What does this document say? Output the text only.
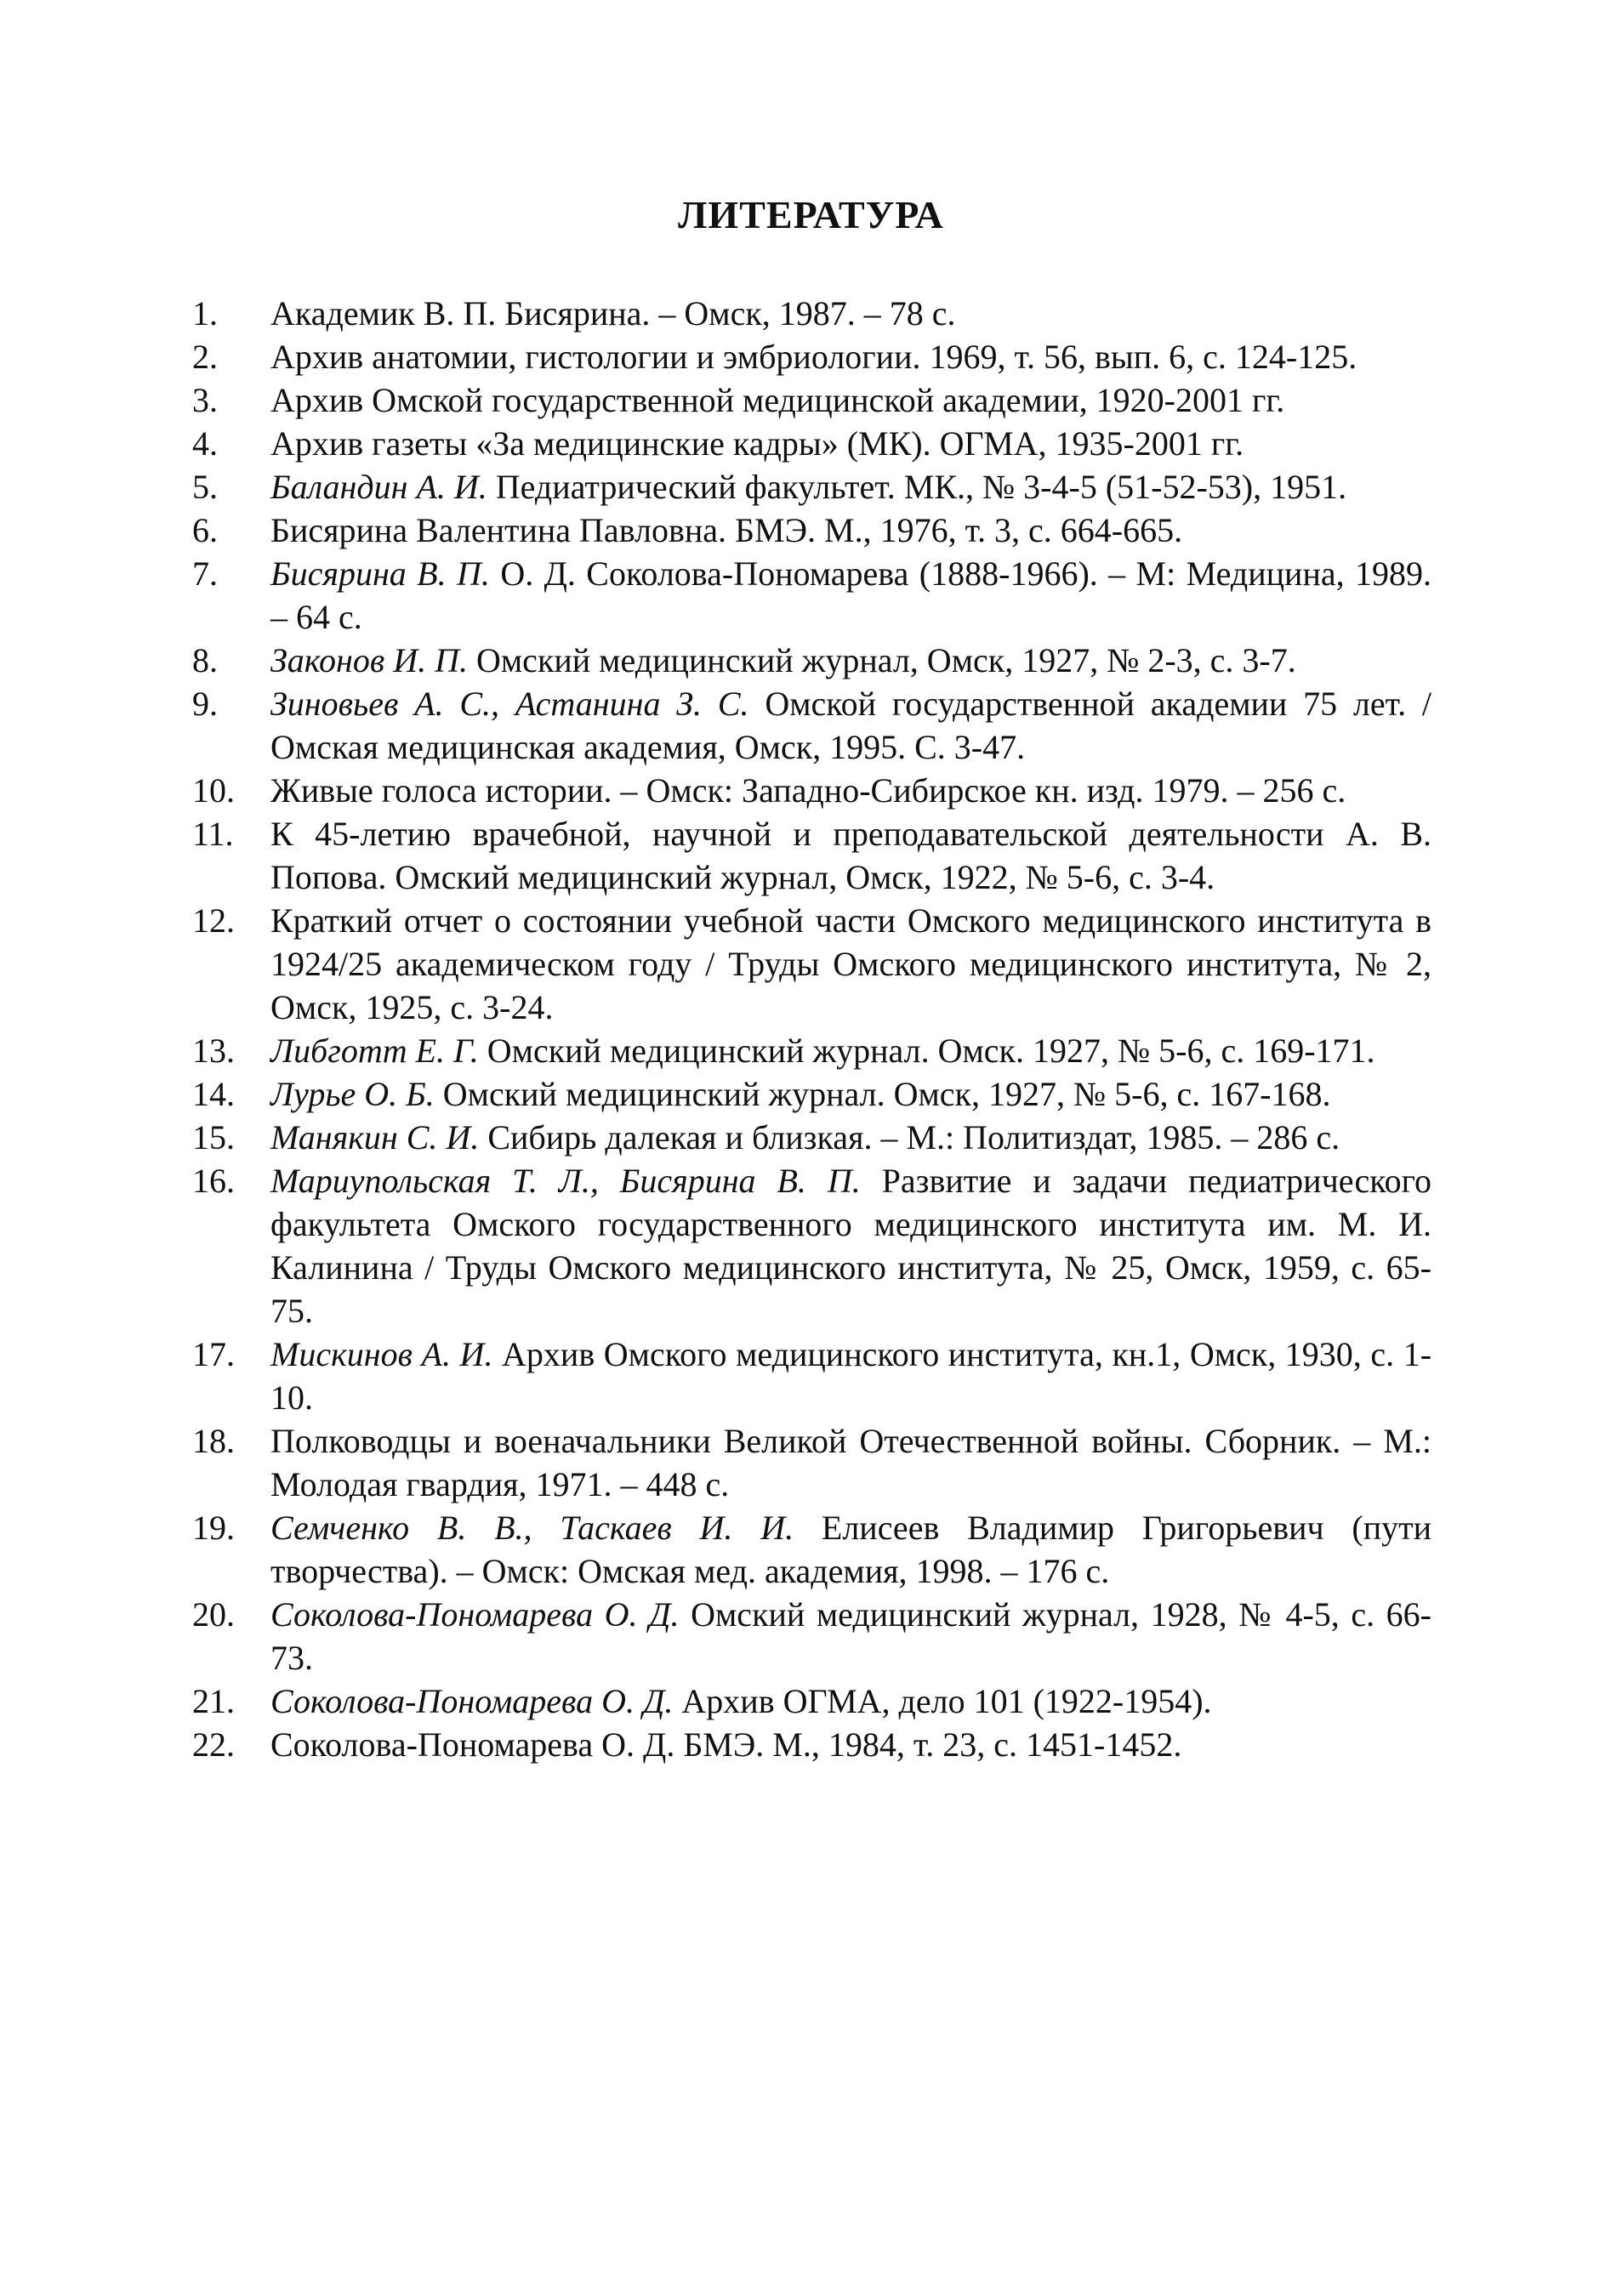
ЛИТЕРАТУРА
1.	Академик В. П. Бисярина. – Омск, 1987. – 78 с.
2.	Архив анатомии, гистологии и эмбриологии. 1969, т. 56, вып. 6, с. 124-125.
3.	Архив Омской государственной медицинской академии, 1920-2001 гг.
4.	Архив газеты «За медицинские кадры» (МК). ОГМА, 1935-2001 гг.
5.	Баландин А. И. Педиатрический факультет. МК., № 3-4-5 (51-52-53), 1951.
6.	Бисярина Валентина Павловна. БМЭ. М., 1976, т. 3, с. 664-665.
7.	Бисярина В. П. О. Д. Соколова-Пономарева (1888-1966). – М: Медицина, 1989. – 64 с.
8.	Законов И. П. Омский медицинский журнал, Омск, 1927, № 2-3, с. 3-7.
9.	Зиновьев А. С., Астанина З. С. Омской государственной академии 75 лет. / Омская медицинская академия, Омск, 1995. С. 3-47.
10.	Живые голоса истории. – Омск: Западно-Сибирское кн. изд. 1979. – 256 с.
11.	К 45-летию врачебной, научной и преподавательской деятельности А. В. Попова. Омский медицинский журнал, Омск, 1922, № 5-6, с. 3-4.
12.	Краткий отчет о состоянии учебной части Омского медицинского института в 1924/25 академическом году / Труды Омского медицинского института, № 2, Омск, 1925, с. 3-24.
13.	Либготт Е. Г. Омский медицинский журнал. Омск. 1927, № 5-6, с. 169-171.
14.	Лурье О. Б. Омский медицинский журнал. Омск, 1927, № 5-6, с. 167-168.
15.	Манякин С. И. Сибирь далекая и близкая. – М.: Политиздат, 1985. – 286 с.
16.	Мариупольская Т. Л., Бисярина В. П. Развитие и задачи педиатрического факультета Омского государственного медицинского института им. М. И. Калинина / Труды Омского медицинского института, № 25, Омск, 1959, с. 65-75.
17.	Мискинов А. И. Архив Омского медицинского института, кн.1, Омск, 1930, с. 1-10.
18.	Полководцы и военачальники Великой Отечественной войны. Сборник. – М.: Молодая гвардия, 1971. – 448 с.
19.	Семченко В. В., Таскаев И. И. Елисеев Владимир Григорьевич (пути творчества). – Омск: Омская мед. академия, 1998. – 176 с.
20.	Соколова-Пономарева О. Д. Омский медицинский журнал, 1928, № 4-5, с. 66-73.
21.	Соколова-Пономарева О. Д. Архив ОГМА, дело 101 (1922-1954).
22.	Соколова-Пономарева О. Д. БМЭ. М., 1984, т. 23, с. 1451-1452.
